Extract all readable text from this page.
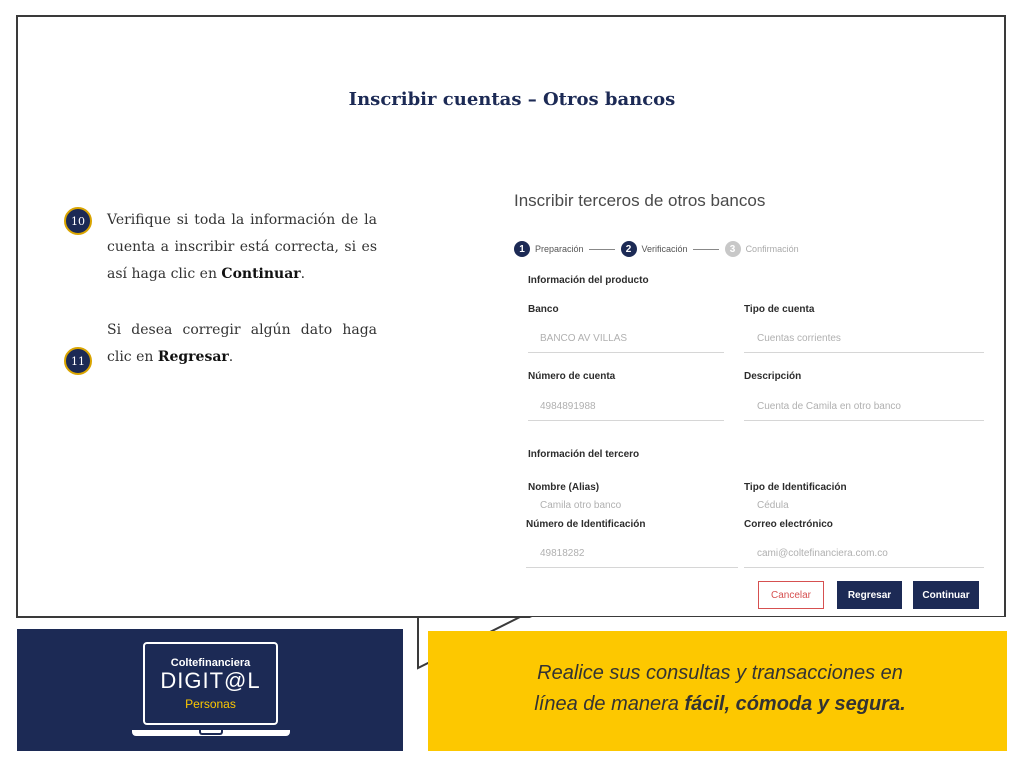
Inscribir cuentas – Otros bancos
10
11
Verifique si toda la información de la cuenta a inscribir está correcta, si es así haga clic en Continuar.
Si desea corregir algún dato haga clic en Regresar.
Inscribir terceros de otros bancos
1	Preparación	2	Verificación	3	Confirmación
Información del producto
Banco
BANCO AV VILLAS
Tipo de cuenta
Cuentas corrientes
Número de cuenta
4984891988
Descripción
Cuenta de Camila en otro banco
Información del tercero
Nombre (Alias)
Camila otro banco
Tipo de Identificación
Cédula
Número de Identificación
49818282
Correo electrónico
cami@coltefinanciera.com.co
Cancelar	Regresar	Continuar
Coltefinanciera
DIGIT@L
Personas
Realice sus consultas y transacciones en
línea de manera fácil, cómoda y segura.
